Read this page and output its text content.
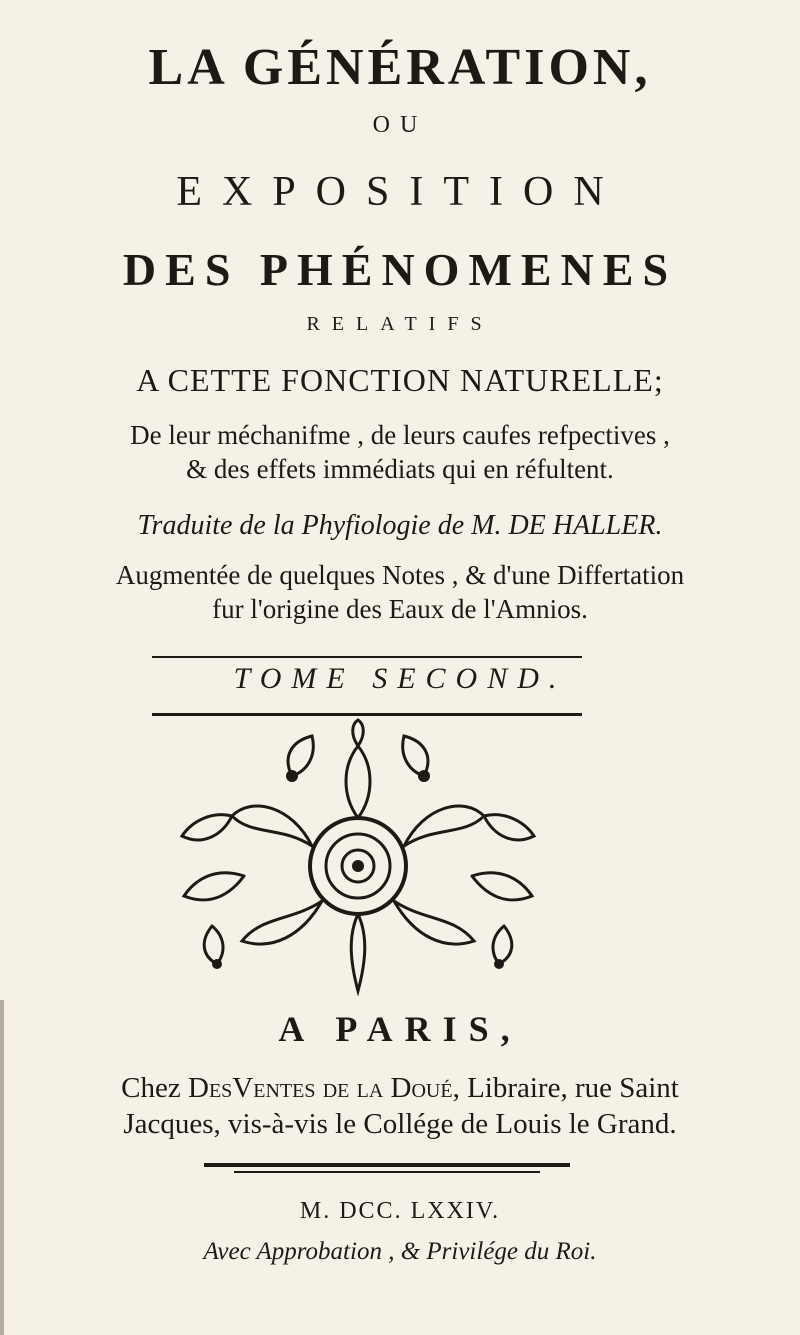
LA GÉNÉRATION,
OU
EXPOSITION
DES PHÉNOMENES
RELATIFS
A CETTE FONCTION NATURELLE;
De leur méchanifme , de leurs caufes refpectives ,
& des effets immédiats qui en réfultent.
Traduite de la Phyfiologie de M. DE HALLER.
Augmentée de quelques Notes , & d'une Differtation
fur l'origine des Eaux de l'Amnios.
TOME SECOND.
A PARIS,
Chez DesVentes de la Doué, Libraire, rue Saint
Jacques, vis-à-vis le Collége de Louis le Grand.
M. DCC. LXXIV.
Avec Approbation , & Privilége du Roi.
